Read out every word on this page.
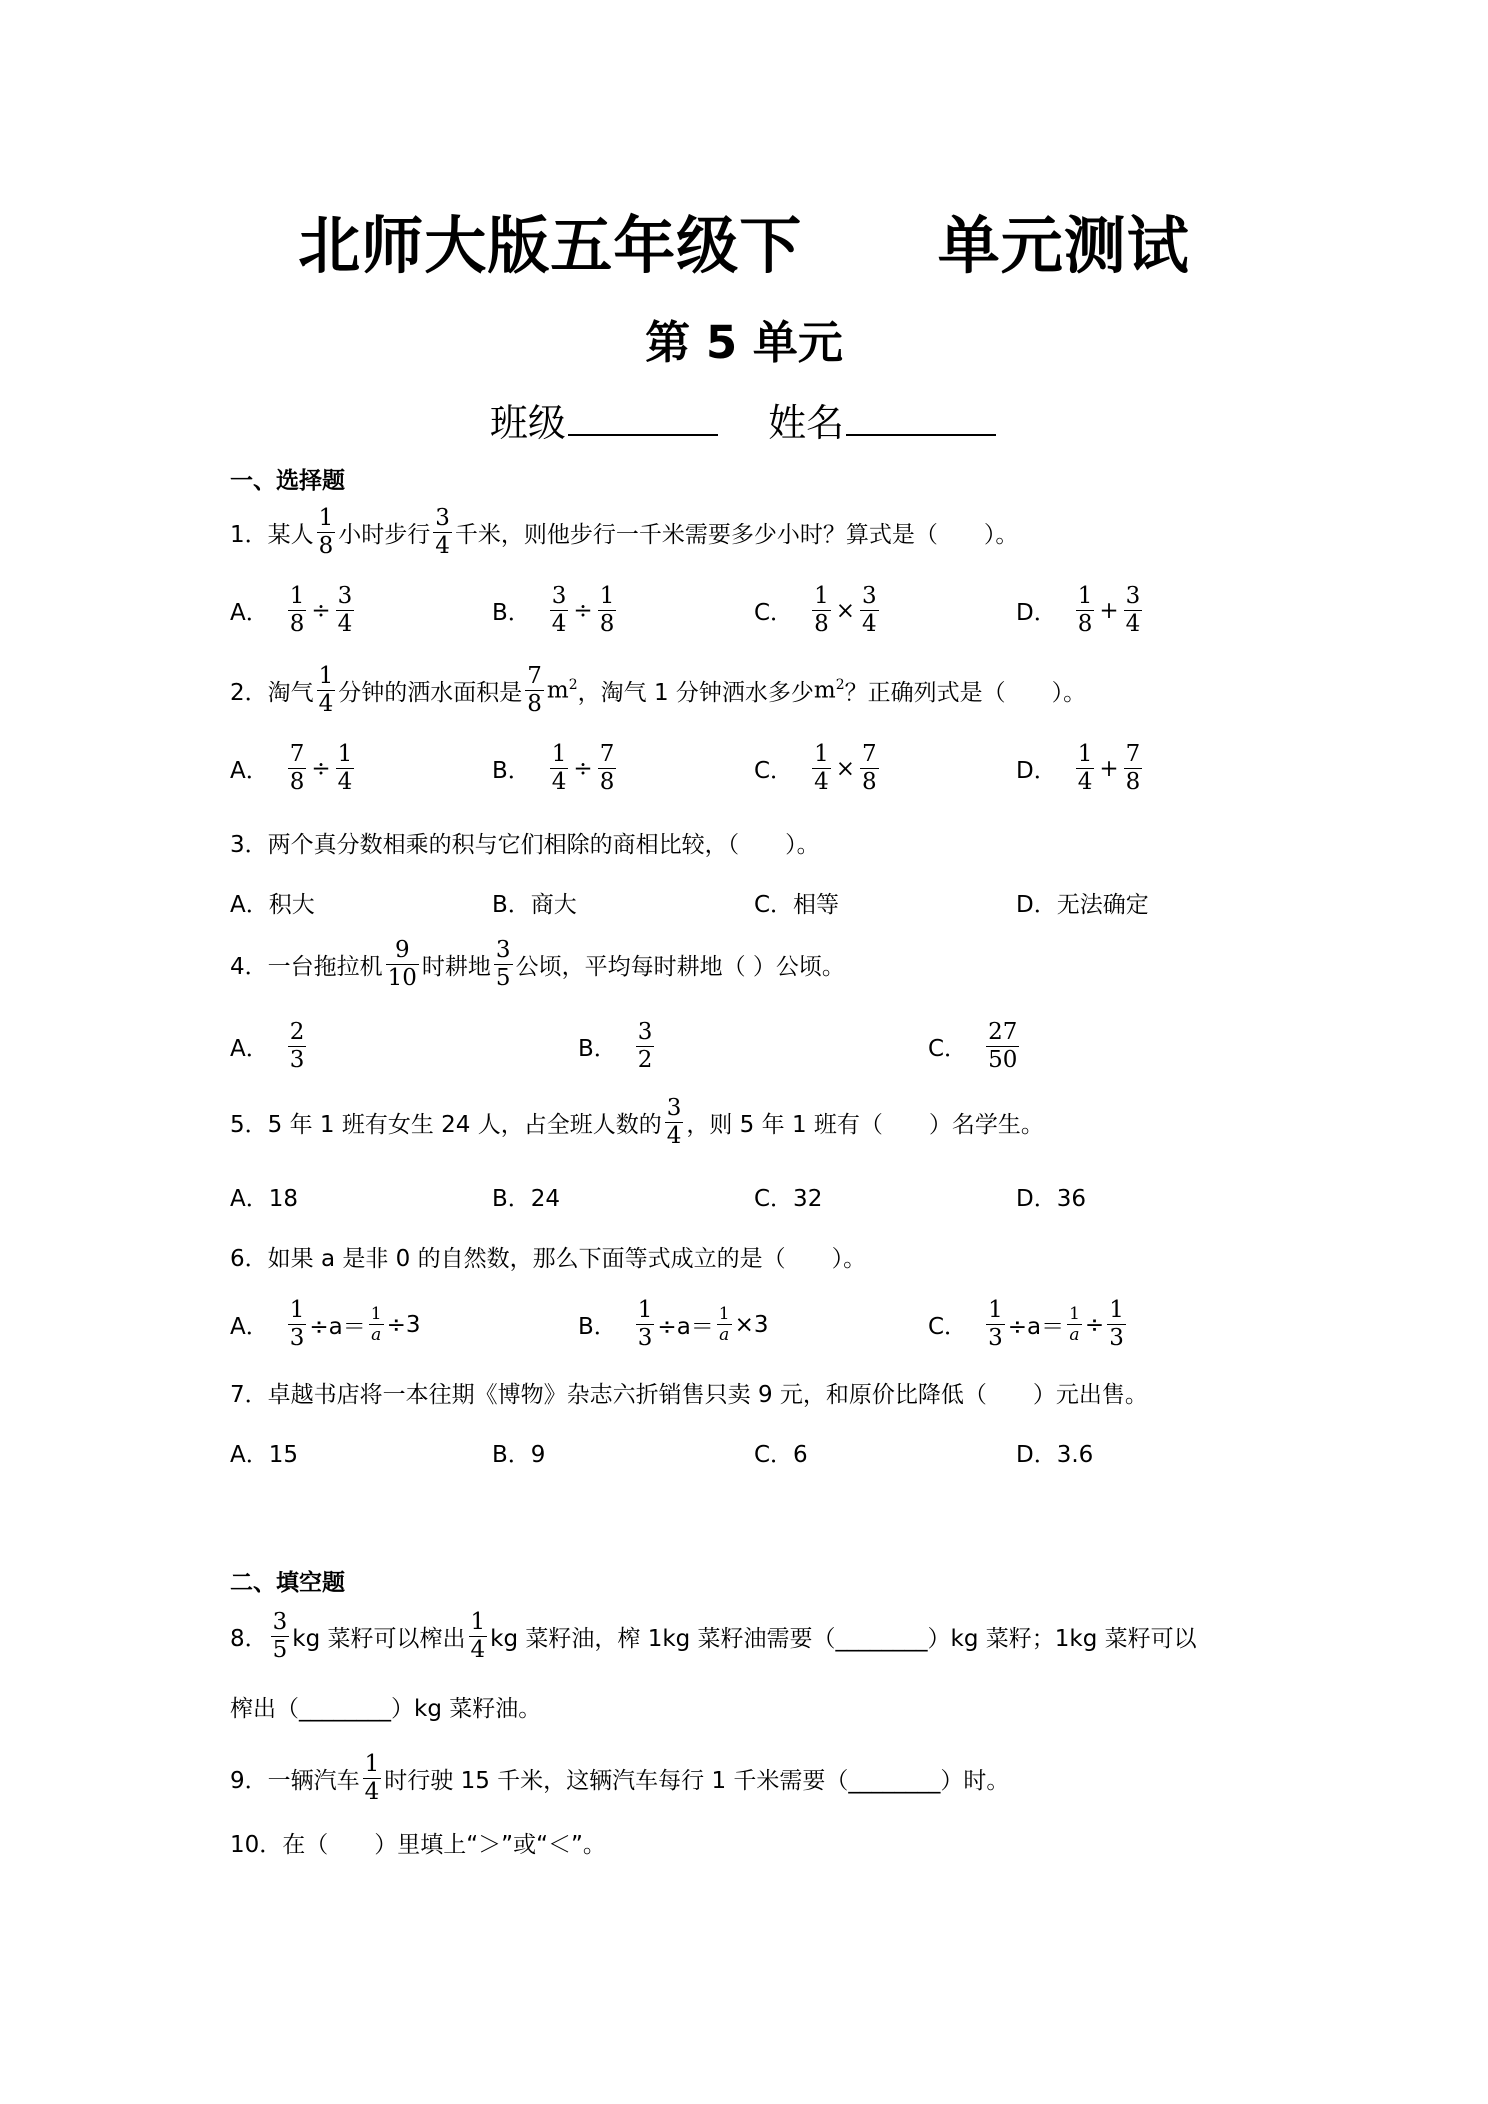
北师大版五年级下      单元测试
第 5 单元
班级	姓名
一、选择题
1．某人 $\frac{1}{8}$ 小时步行 $\frac{3}{4}$ 千米，则他步行一千米需要多少小时？算式是（　　）。
A． $\frac{1}{8} \div \frac{3}{4}$	B． $\frac{3}{4} \div \frac{1}{8}$	C． $\frac{1}{8} \times \frac{3}{4}$	D． $\frac{1}{8} + \frac{3}{4}$
2．淘气 $\frac{1}{4}$ 分钟的洒水面积是 $\frac{7}{8} m^2$ ，淘气 1 分钟洒水多少 $m^2$ ？正确列式是（　　）。
A． $\frac{7}{8} \div \frac{1}{4}$	B． $\frac{1}{4} \div \frac{7}{8}$	C． $\frac{1}{4} \times \frac{7}{8}$	D． $\frac{1}{4} + \frac{7}{8}$
3．两个真分数相乘的积与它们相除的商相比较，（　　）。
A．积大	B．商大	C．相等	D．无法确定
4．一台拖拉机 $\frac{9}{10}$ 时耕地 $\frac{3}{5}$ 公顷，平均每时耕地（ ）公顷。
A． $\frac{2}{3}$	B． $\frac{3}{2}$	C． $\frac{27}{50}$
5．5 年 1 班有女生 24 人，占全班人数的 $\frac{3}{4}$ ，则 5 年 1 班有（　　）名学生。
A．18	B．24	C．32	D．36
6．如果 a 是非 0 的自然数，那么下面等式成立的是（　　）。
A． $\frac{1}{3} \div a= \frac{1}{a} \div 3$	B． $\frac{1}{3} \div a= \frac{1}{a} \times 3$	C． $\frac{1}{3} \div a= \frac{1}{a} \div \frac{1}{3}$
7．卓越书店将一本往期《博物》杂志六折销售只卖 9 元，和原价比降低（　　）元出售。
A．15	B．9	C．6	D．3.6
二、填空题
8． $\frac{3}{5}$ kg 菜籽可以榨出 $\frac{1}{4}$ kg 菜籽油，榨 1kg 菜籽油需要（________）kg 菜籽；1kg 菜籽可以
榨出（________）kg 菜籽油。
9．一辆汽车 $\frac{1}{4}$ 时行驶 15 千米，这辆汽车每行 1 千米需要（________）时。
10．在（　　）里填上“＞”或“＜”。
